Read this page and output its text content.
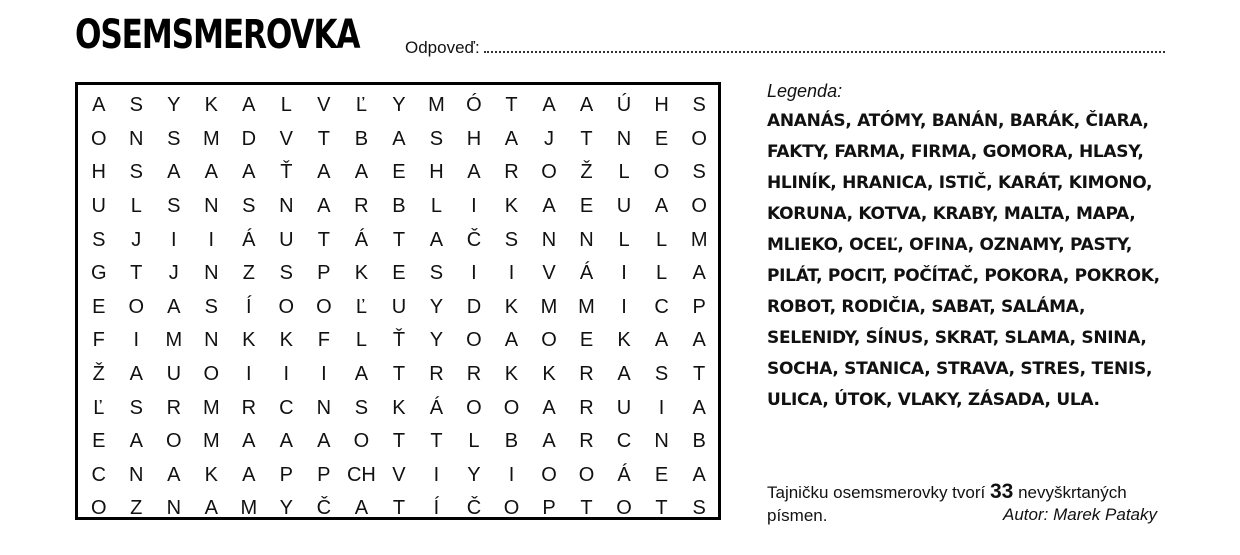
OSEMSMEROVKA	Odpoveď:
A	S	Y	K	A	L	V	Ľ	Y	M	Ó	T	A	A	Ú	H	S
O	N	S	M	D	V	T	B	A	S	H	A	J	T	N	E	O
H	S	A	A	A	Ť	A	A	E	H	A	R	O	Ž	L	O	S
U	L	S	N	S	N	A	R	B	L	I	K	A	E	U	A	O
S	J	I	I	Á	U	T	Á	T	A	Č	S	N	N	L	L	M
G	T	J	N	Z	S	P	K	E	S	I	I	V	Á	I	L	A
E	O	A	S	Í	O	O	Ľ	U	Y	D	K	M	M	I	C	P
F	I	M	N	K	K	F	L	Ť	Y	O	A	O	E	K	A	A
Ž	A	U	O	I	I	I	A	T	R	R	K	K	R	A	S	T
Ľ	S	R	M	R	C	N	S	K	Á	O	O	A	R	U	I	A
E	A	O	M	A	A	A	O	T	T	L	B	A	R	C	N	B
C	N	A	K	A	P	P	CH	V	I	Y	I	O	O	Á	E	A
O	Z	N	A	M	Y	Č	A	T	Í	Č	O	P	T	O	T	S
Legenda:
ANANÁS, ATÓMY, BANÁN, BARÁK, ČIARA,
FAKTY, FARMA, FIRMA, GOMORA, HLASY,
HLINÍK, HRANICA, ISTIČ, KARÁT, KIMONO,
KORUNA, KOTVA, KRABY, MALTA, MAPA,
MLIEKO, OCEĽ, OFINA, OZNAMY, PASTY,
PILÁT, POCIT, POČÍTAČ, POKORA, POKROK,
ROBOT, RODIČIA, SABAT, SALÁMA,
SELENIDY, SÍNUS, SKRAT, SLAMA, SNINA,
SOCHA, STANICA, STRAVA, STRES, TENIS,
ULICA, ÚTOK, VLAKY, ZÁSADA, ULA.
Tajničku osemsmerovky tvorí 33 nevyškrtaných písmen.	Autor: Marek Pataky
